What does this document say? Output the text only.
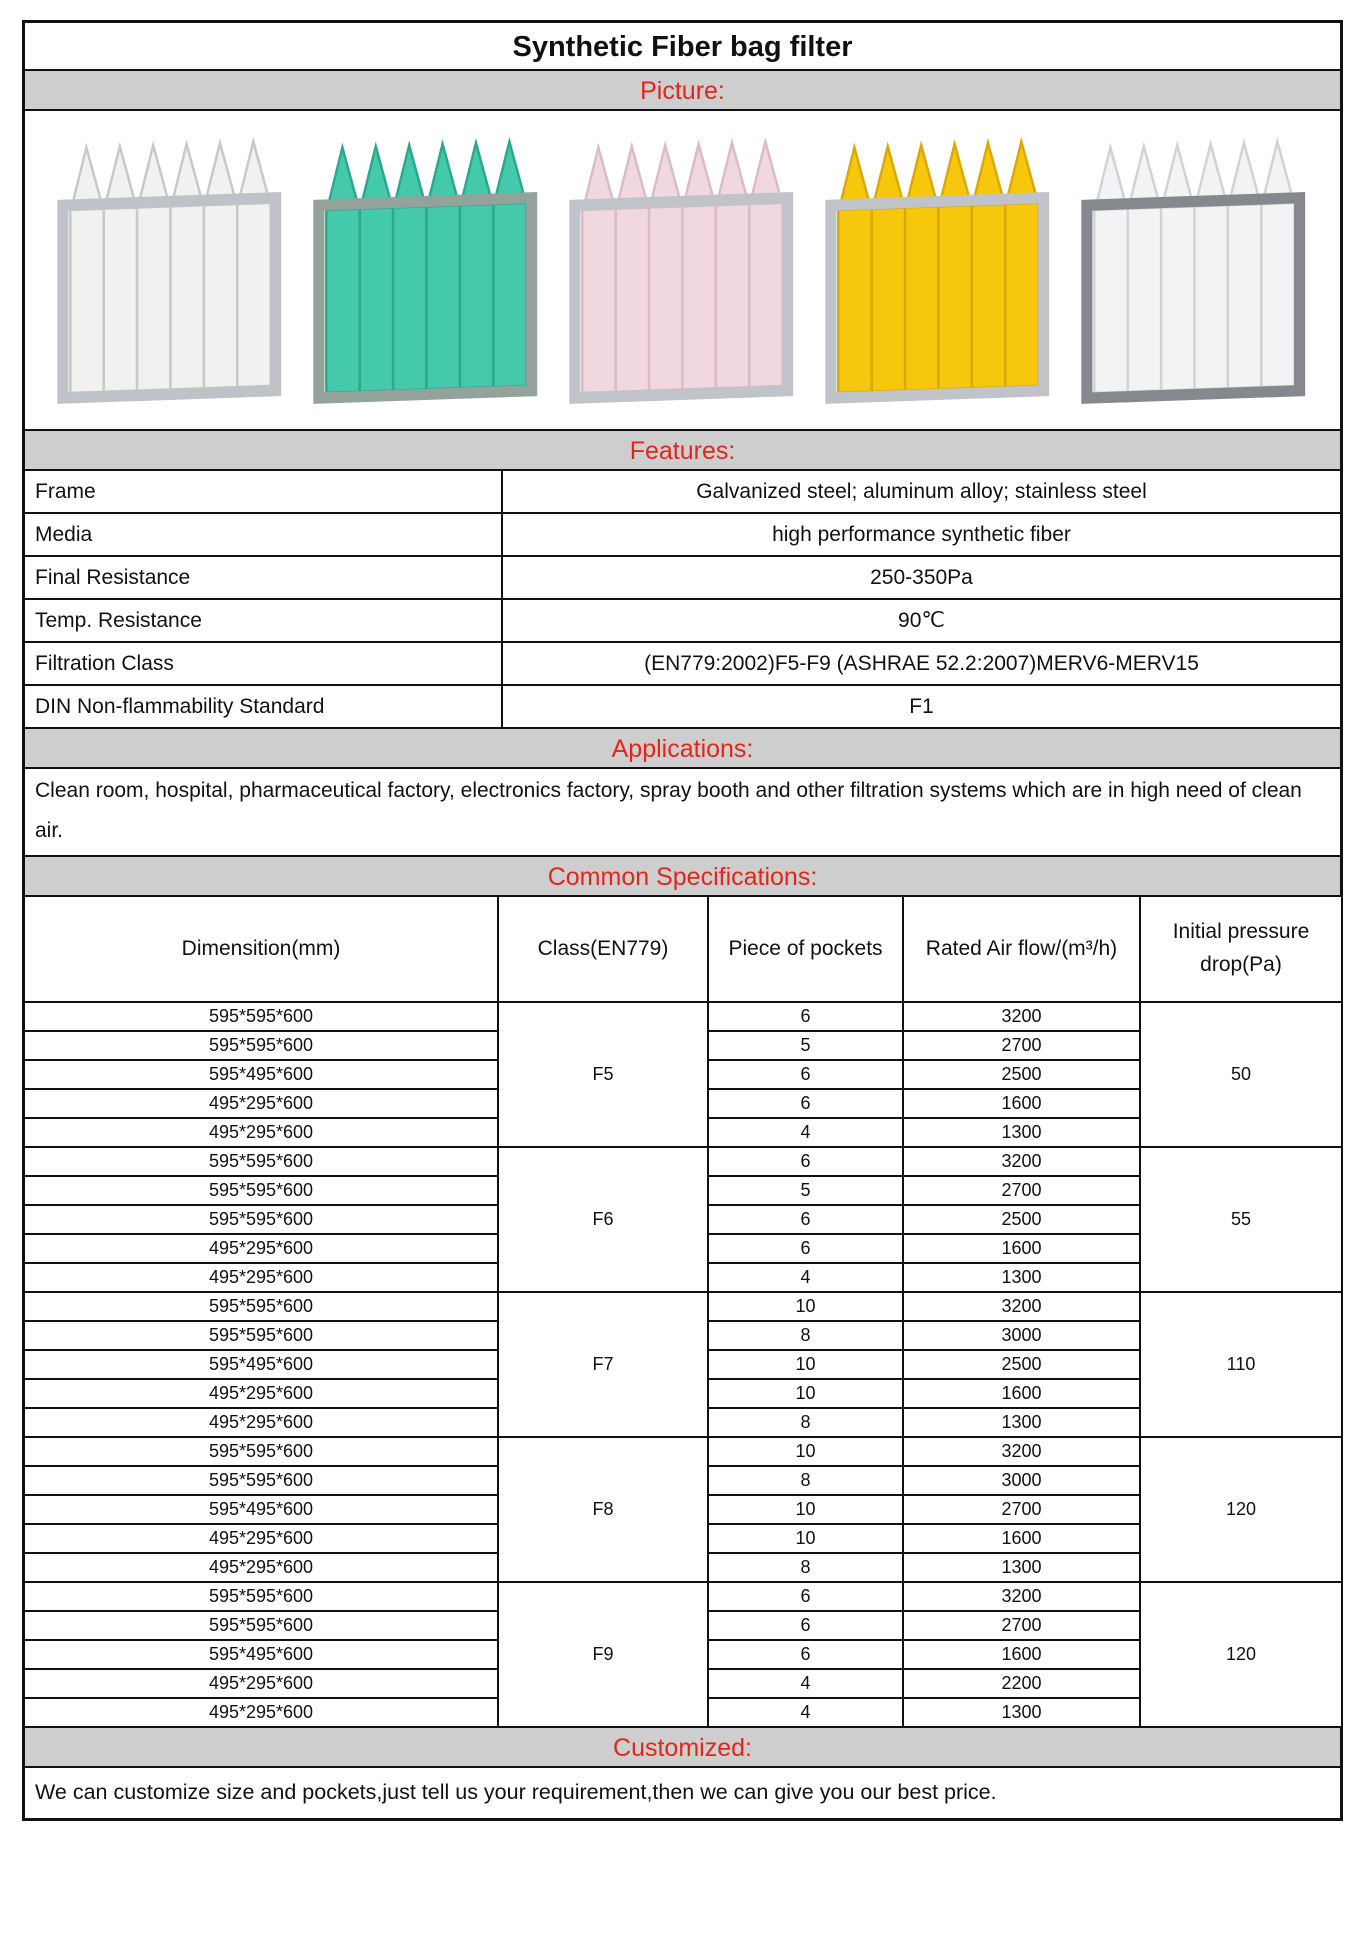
Synthetic Fiber bag filter
Picture:
Features:
Frame	Galvanized steel; aluminum alloy; stainless steel
Media	high performance synthetic fiber
Final Resistance	250-350Pa
Temp. Resistance	90℃
Filtration Class	(EN779:2002)F5-F9 (ASHRAE 52.2:2007)MERV6-MERV15
DIN Non-flammability Standard	F1
Applications:
Clean room, hospital, pharmaceutical factory, electronics factory, spray booth and other filtration systems which are in high need of clean air.
Common Specifications:
Dimensition(mm)	Class(EN779)	Piece of pockets	Rated Air flow/(m³/h)	Initial pressure drop(Pa)
595*595*600	F5	6	3200	50
595*595*600		5	2700	
595*495*600		6	2500	
495*295*600		6	1600	
495*295*600		4	1300	
595*595*600	F6	6	3200	55
595*595*600		5	2700	
595*595*600		6	2500	
495*295*600		6	1600	
495*295*600		4	1300	
595*595*600	F7	10	3200	110
595*595*600		8	3000	
595*495*600		10	2500	
495*295*600		10	1600	
495*295*600		8	1300	
595*595*600	F8	10	3200	120
595*595*600		8	3000	
595*495*600		10	2700	
495*295*600		10	1600	
495*295*600		8	1300	
595*595*600	F9	6	3200	120
595*595*600		6	2700	
595*495*600		6	1600	
495*295*600		4	2200	
495*295*600		4	1300	
Customized:
We can customize size and pockets,just tell us your requirement,then we can give you our best price.
